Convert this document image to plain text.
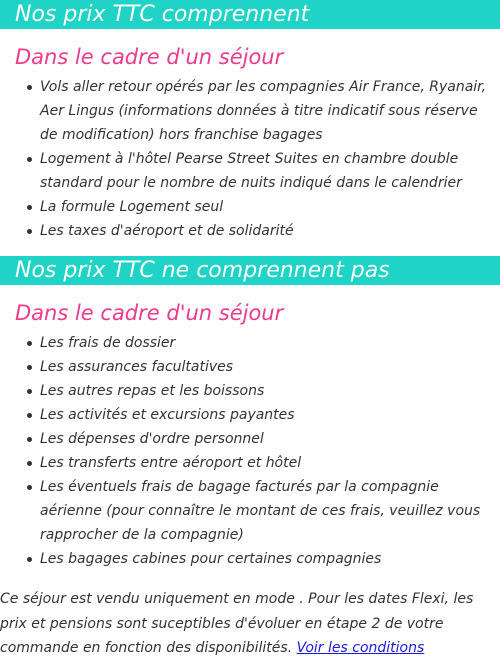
Nos prix TTC comprennent
Dans le cadre d'un séjour
Vols aller retour opérés par les compagnies Air France, Ryanair, Aer Lingus (informations données à titre indicatif sous réserve de modification) hors franchise bagages
Logement à l'hôtel Pearse Street Suites en chambre double standard pour le nombre de nuits indiqué dans le calendrier
La formule Logement seul
Les taxes d'aéroport et de solidarité
Nos prix TTC ne comprennent pas
Dans le cadre d'un séjour
Les frais de dossier
Les assurances facultatives
Les autres repas et les boissons
Les activités et excursions payantes
Les dépenses d'ordre personnel
Les transferts entre aéroport et hôtel
Les éventuels frais de bagage facturés par la compagnie aérienne (pour connaître le montant de ces frais, veuillez vous rapprocher de la compagnie)
Les bagages cabines pour certaines compagnies
Ce séjour est vendu uniquement en mode . Pour les dates Flexi, les prix et pensions sont suceptibles d'évoluer en étape 2 de votre commande en fonction des disponibilités. Voir les conditions
